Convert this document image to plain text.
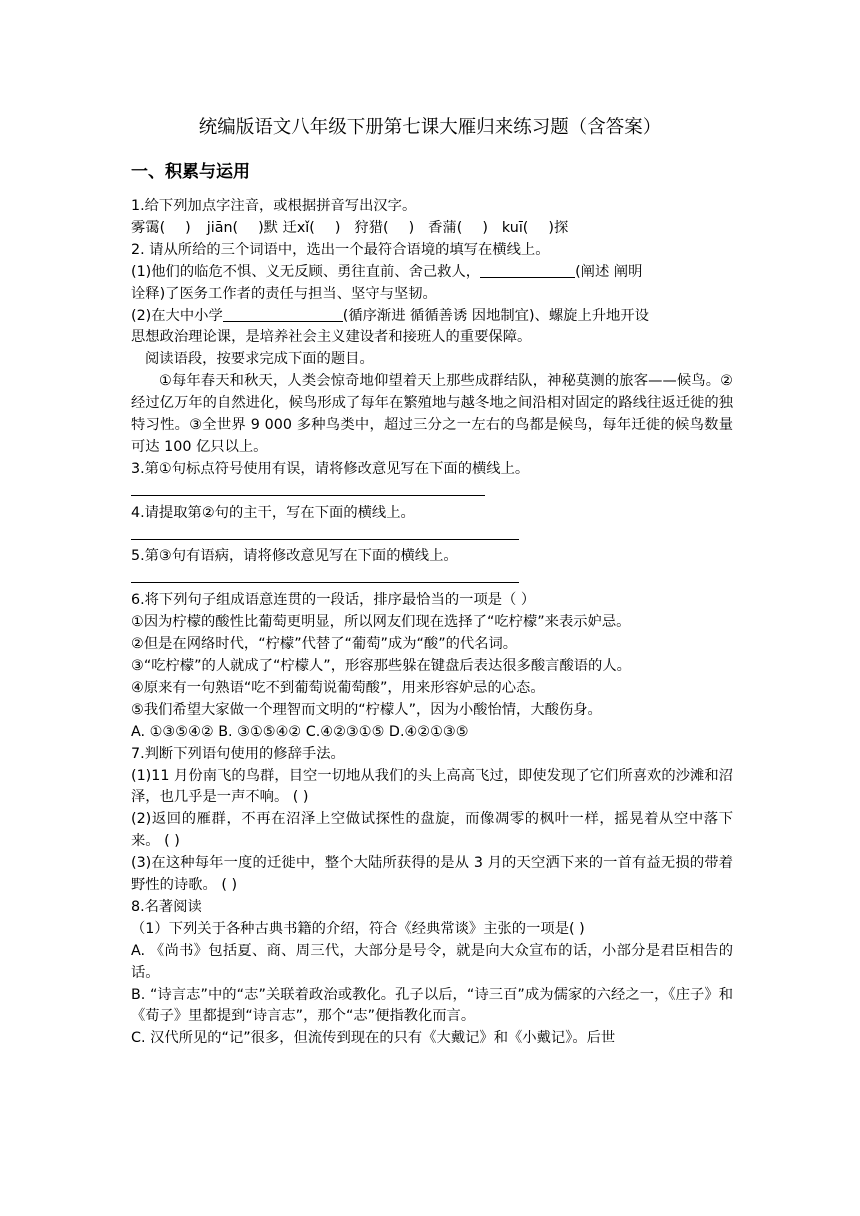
统编版语文八年级下册第七课大雁归来练习题（含答案）
一、积累与运用

1.给下列加点字注音，或根据拼音写出汉字。

雾霭( ) jiān( )默 迁xǐ( ) 狩猎( ) 香蒲( ) kuī( )探

2. 请从所给的三个词语中，选出一个最符合语境的填写在横线上。

(1)他们的临危不惧、义无反顾、勇往直前、舍己救人，	(阐述 阐明

诠释)了医务工作者的责任与担当、坚守与坚韧。

(2)在大中小学	(循序渐进 循循善诱 因地制宜)、螺旋上升地开设

思想政治理论课，是培养社会主义建设者和接班人的重要保障。

阅读语段，按要求完成下面的题目。

①每年春天和秋天，人类会惊奇地仰望着天上那些成群结队，神秘莫测的旅客——候鸟。②经过亿万年的自然进化，候鸟形成了每年在繁殖地与越冬地之间沿相对固定的路线往返迁徙的独特习性。③全世界 9 000 多种鸟类中，超过三分之一左右的鸟都是候鸟，每年迁徙的候鸟数量可达 100 亿只以上。

3.第①句标点符号使用有误，请将修改意见写在下面的横线上。

4.请提取第②句的主干，写在下面的横线上。

5.第③句有语病，请将修改意见写在下面的横线上。

6.将下列句子组成语意连贯的一段话，排序最恰当的一项是（ ）

①因为柠檬的酸性比葡萄更明显，所以网友们现在选择了“吃柠檬”来表示妒忌。

②但是在网络时代，“柠檬”代替了“葡萄”成为“酸”的代名词。

③“吃柠檬”的人就成了“柠檬人”，形容那些躲在键盘后表达很多酸言酸语的人。

④原来有一句熟语“吃不到葡萄说葡萄酸”，用来形容妒忌的心态。

⑤我们希望大家做一个理智而文明的“柠檬人”，因为小酸怡情，大酸伤身。

A. ①③⑤④② B. ③①⑤④② C.④②③①⑤ D.④②①③⑤

7.判断下列语句使用的修辞手法。

(1)11 月份南飞的鸟群，目空一切地从我们的头上高高飞过，即使发现了它们所喜欢的沙滩和沼泽，也几乎是一声不响。 ( )

(2)返回的雁群，不再在沼泽上空做试探性的盘旋，而像凋零的枫叶一样，摇晃着从空中落下来。 ( )

(3)在这种每年一度的迁徙中，整个大陆所获得的是从 3 月的天空洒下来的一首有益无损的带着野性的诗歌。 ( )

8.名著阅读

（1）下列关于各种古典书籍的介绍，符合《经典常谈》主张的一项是( )

A. 《尚书》包括夏、商、周三代，大部分是号令，就是向大众宣布的话，小部分是君臣相告的话。

B. “诗言志”中的“志”关联着政治或教化。孔子以后，“诗三百”成为儒家的六经之一，《庄子》和《荀子》里都提到“诗言志”，那个“志”便指教化而言。

C. 汉代所见的“记”很多，但流传到现在的只有《大戴记》和《小戴记》。后世
